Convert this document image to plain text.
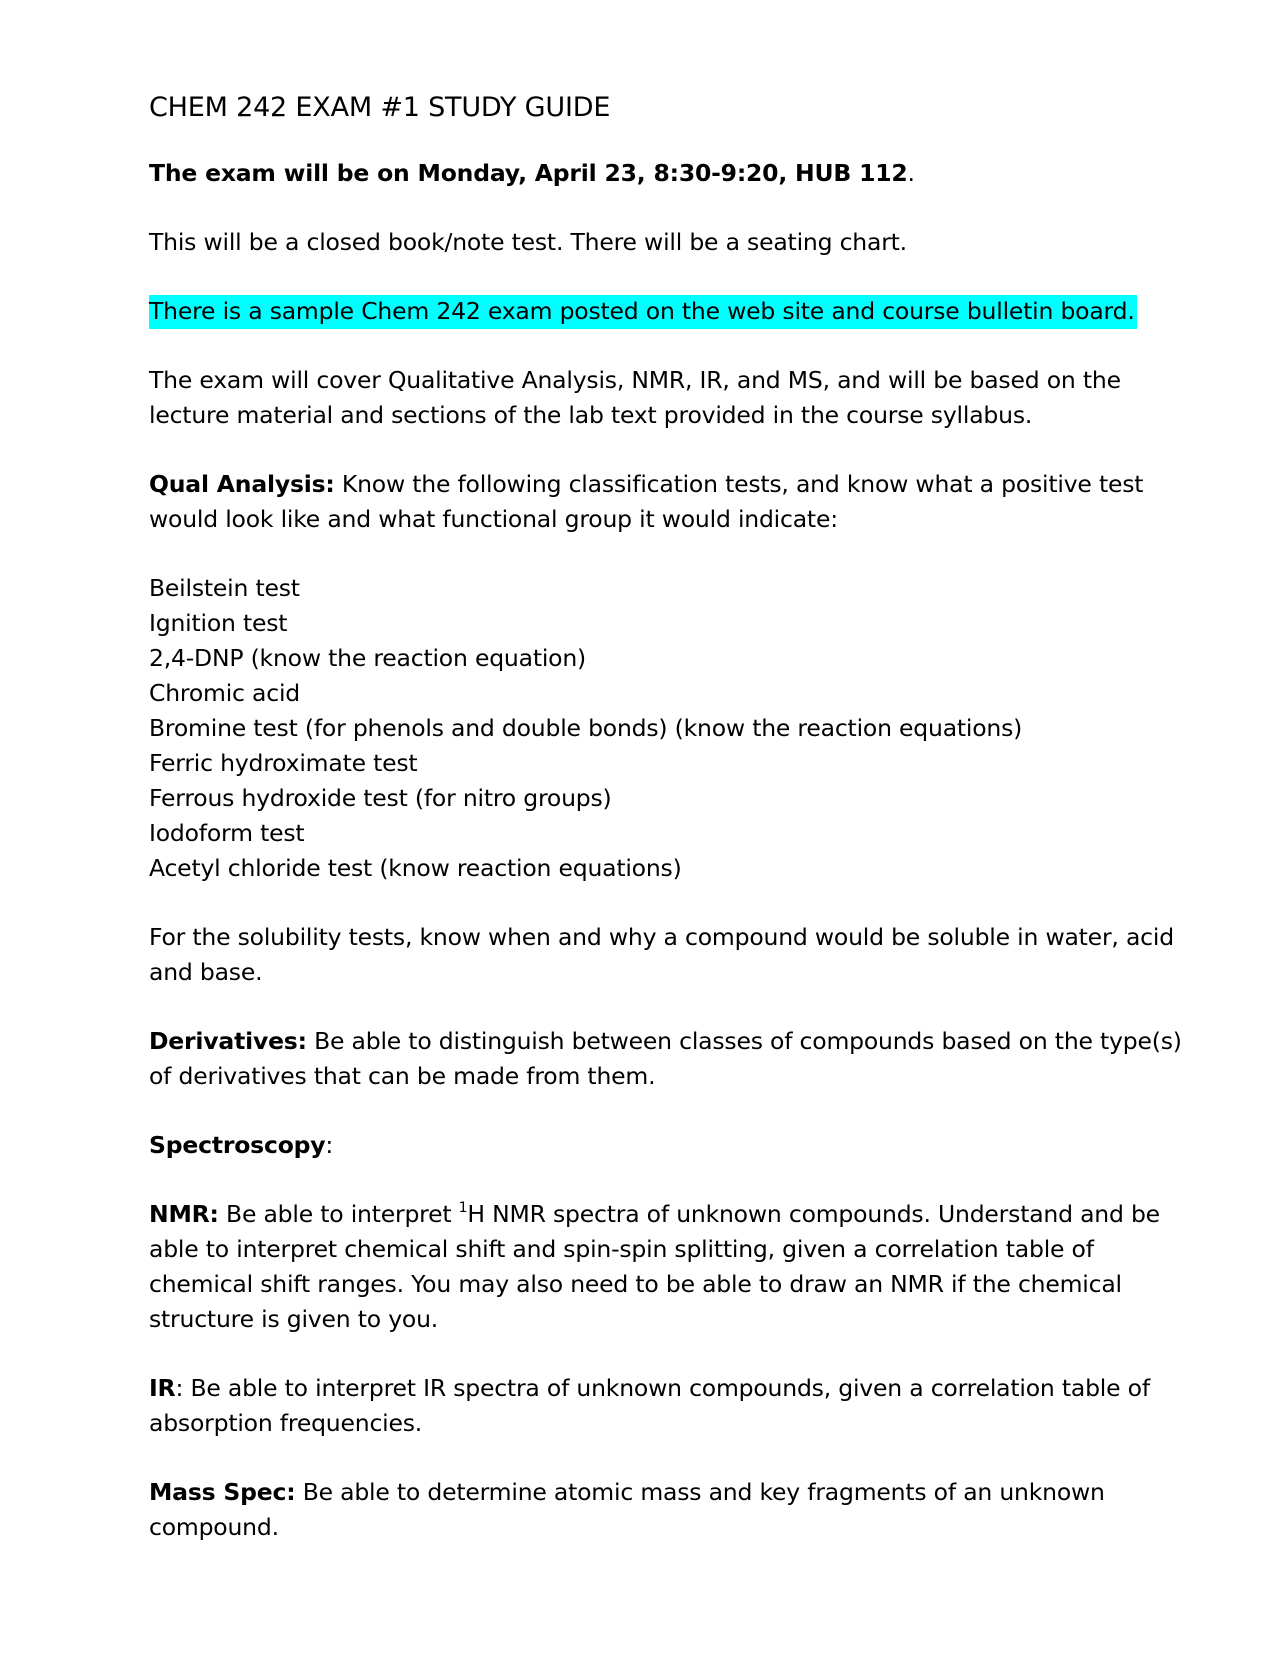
CHEM 242 EXAM #1 STUDY GUIDE

The exam will be on Monday, April 23, 8:30-9:20, HUB 112.

This will be a closed book/note test. There will be a seating chart.

There is a sample Chem 242 exam posted on the web site and course bulletin board.

The exam will cover Qualitative Analysis, NMR, IR, and MS, and will be based on the lecture material and sections of the lab text provided in the course syllabus.

Qual Analysis: Know the following classification tests, and know what a positive test would look like and what functional group it would indicate:

Beilstein test
Ignition test
2,4-DNP (know the reaction equation)
Chromic acid
Bromine test (for phenols and double bonds) (know the reaction equations)
Ferric hydroximate test
Ferrous hydroxide test (for nitro groups)
Iodoform test
Acetyl chloride test (know reaction equations)

For the solubility tests, know when and why a compound would be soluble in water, acid and base.

Derivatives: Be able to distinguish between classes of compounds based on the type(s) of derivatives that can be made from them.

Spectroscopy:

NMR: Be able to interpret $^1$H NMR spectra of unknown compounds. Understand and be able to interpret chemical shift and spin-spin splitting, given a correlation table of chemical shift ranges. You may also need to be able to draw an NMR if the chemical structure is given to you.

IR: Be able to interpret IR spectra of unknown compounds, given a correlation table of absorption frequencies.

Mass Spec: Be able to determine atomic mass and key fragments of an unknown compound.
